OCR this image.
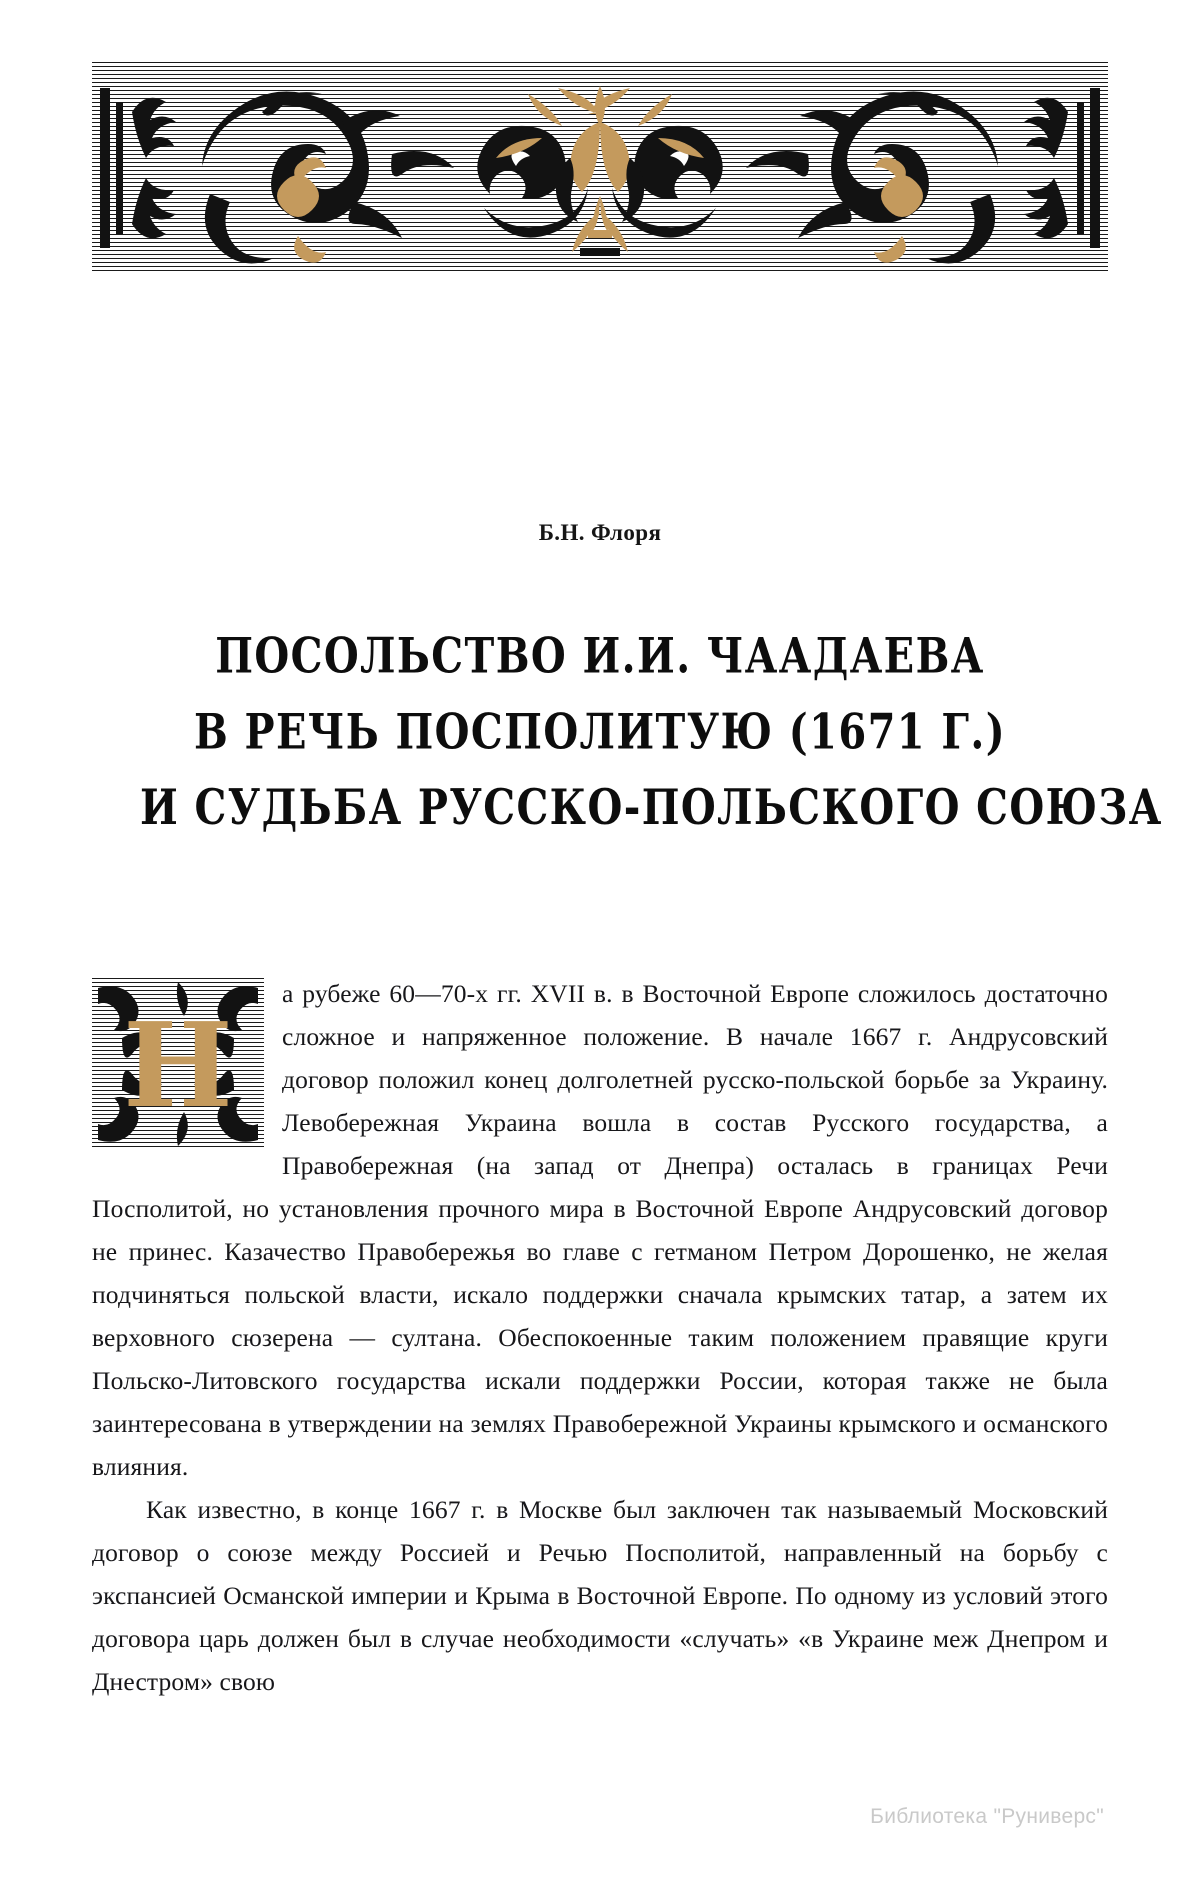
Б.Н. Флоря
ПОСОЛЬСТВО И.И. ЧААДАЕВА
В РЕЧЬ ПОСПОЛИТУЮ (1671 Г.)
И СУДЬБА РУССКО-ПОЛЬСКОГО СОЮЗА
Н

а рубеже 60—70-х гг. XVII в. в Восточной Европе сложилось достаточно сложное и напряженное положение. В начале 1667 г. Андрусовский договор положил конец долголетней русско-польской борьбе за Украину. Левобережная Украина вошла в состав Русского государства, а Правобережная (на запад от Днепра) осталась в границах Речи Посполитой, но установления прочного мира в Восточной Европе Андрусовский договор не принес. Казачество Правобережья во главе с гетманом Петром Дорошенко, не желая подчиняться польской власти, искало поддержки сначала крымских татар, а затем их верховного сюзерена — султана. Обеспокоенные таким положением правящие круги Польско-Литовского государства искали поддержки России, которая также не была заинтересована в утверждении на землях Правобережной Украины крымского и османского влияния.

Как известно, в конце 1667 г. в Москве был заключен так называемый Московский договор о союзе между Россией и Речью Посполитой, направленный на борьбу с экспансией Османской империи и Крыма в Восточной Европе. По одному из условий этого договора царь должен был в случае необходимости «случать» «в Украине меж Днепром и Днестром» свою

Библиотека "Руниверс"
